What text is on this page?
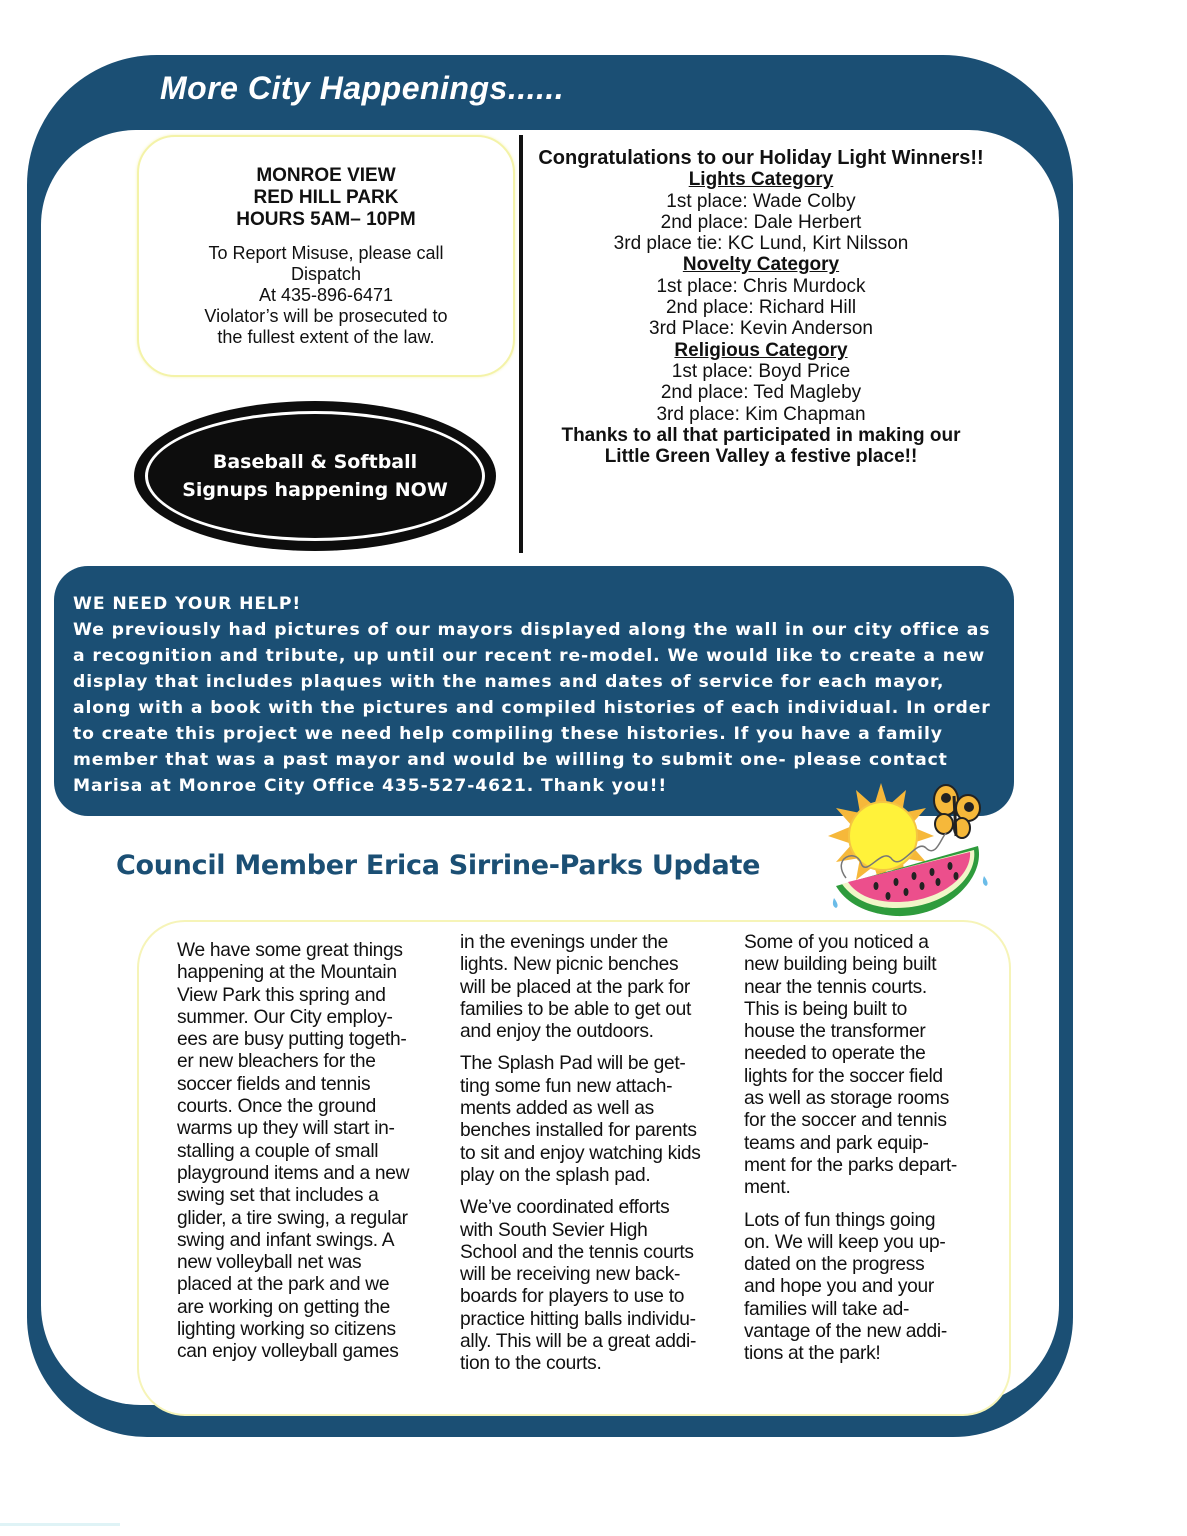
More City Happenings......
MONROE VIEW
RED HILL PARK
HOURS 5AM– 10PM
To Report Misuse, please call
Dispatch
At 435-896-6471
Violator’s will be prosecuted to
the fullest extent of the law.
Baseball & Softball
Signups happening NOW
Congratulations to our Holiday Light Winners!!
Lights Category
1st place: Wade Colby
2nd place: Dale Herbert
3rd place tie: KC Lund, Kirt Nilsson
Novelty Category
1st place: Chris Murdock
2nd place: Richard Hill
3rd Place: Kevin Anderson
Religious Category
1st place: Boyd Price
2nd place: Ted Magleby
3rd place: Kim Chapman
Thanks to all that participated in making our
Little Green Valley a festive place!!
WE NEED YOUR HELP!
We previously had pictures of our mayors displayed along the wall in our city office as
a recognition and tribute, up until our recent re-model. We would like to create a new
display that includes plaques with the names and dates of service for each mayor,
along with a book with the pictures and compiled histories of each individual. In order
to create this project we need help compiling these histories. If you have a family
member that was a past mayor and would be willing to submit one- please contact
Marisa at Monroe City Office 435-527-4621. Thank you!!
Council Member Erica Sirrine-Parks Update

We have some great things
happening at the Mountain
View Park this spring and
summer. Our City employ-
ees are busy putting togeth-
er new bleachers for the
soccer fields and tennis
courts. Once the ground
warms up they will start in-
stalling a couple of small
playground items and a new
swing set that includes a
glider, a tire swing, a regular
swing and infant swings. A
new volleyball net was
placed at the park and we
are working on getting the
lighting working so citizens
can enjoy volleyball games

in the evenings under the
lights. New picnic benches
will be placed at the park for
families to be able to get out
and enjoy the outdoors.

The Splash Pad will be get-
ting some fun new attach-
ments added as well as
benches installed for parents
to sit and enjoy watching kids
play on the splash pad.

We’ve coordinated efforts
with South Sevier High
School and the tennis courts
will be receiving new back-
boards for players to use to
practice hitting balls individu-
ally. This will be a great addi-
tion to the courts.

Some of you noticed a
new building being built
near the tennis courts.
This is being built to
house the transformer
needed to operate the
lights for the soccer field
as well as storage rooms
for the soccer and tennis
teams and park equip-
ment for the parks depart-
ment.

Lots of fun things going
on. We will keep you up-
dated on the progress
and hope you and your
families will take ad-
vantage of the new addi-
tions at the park!
